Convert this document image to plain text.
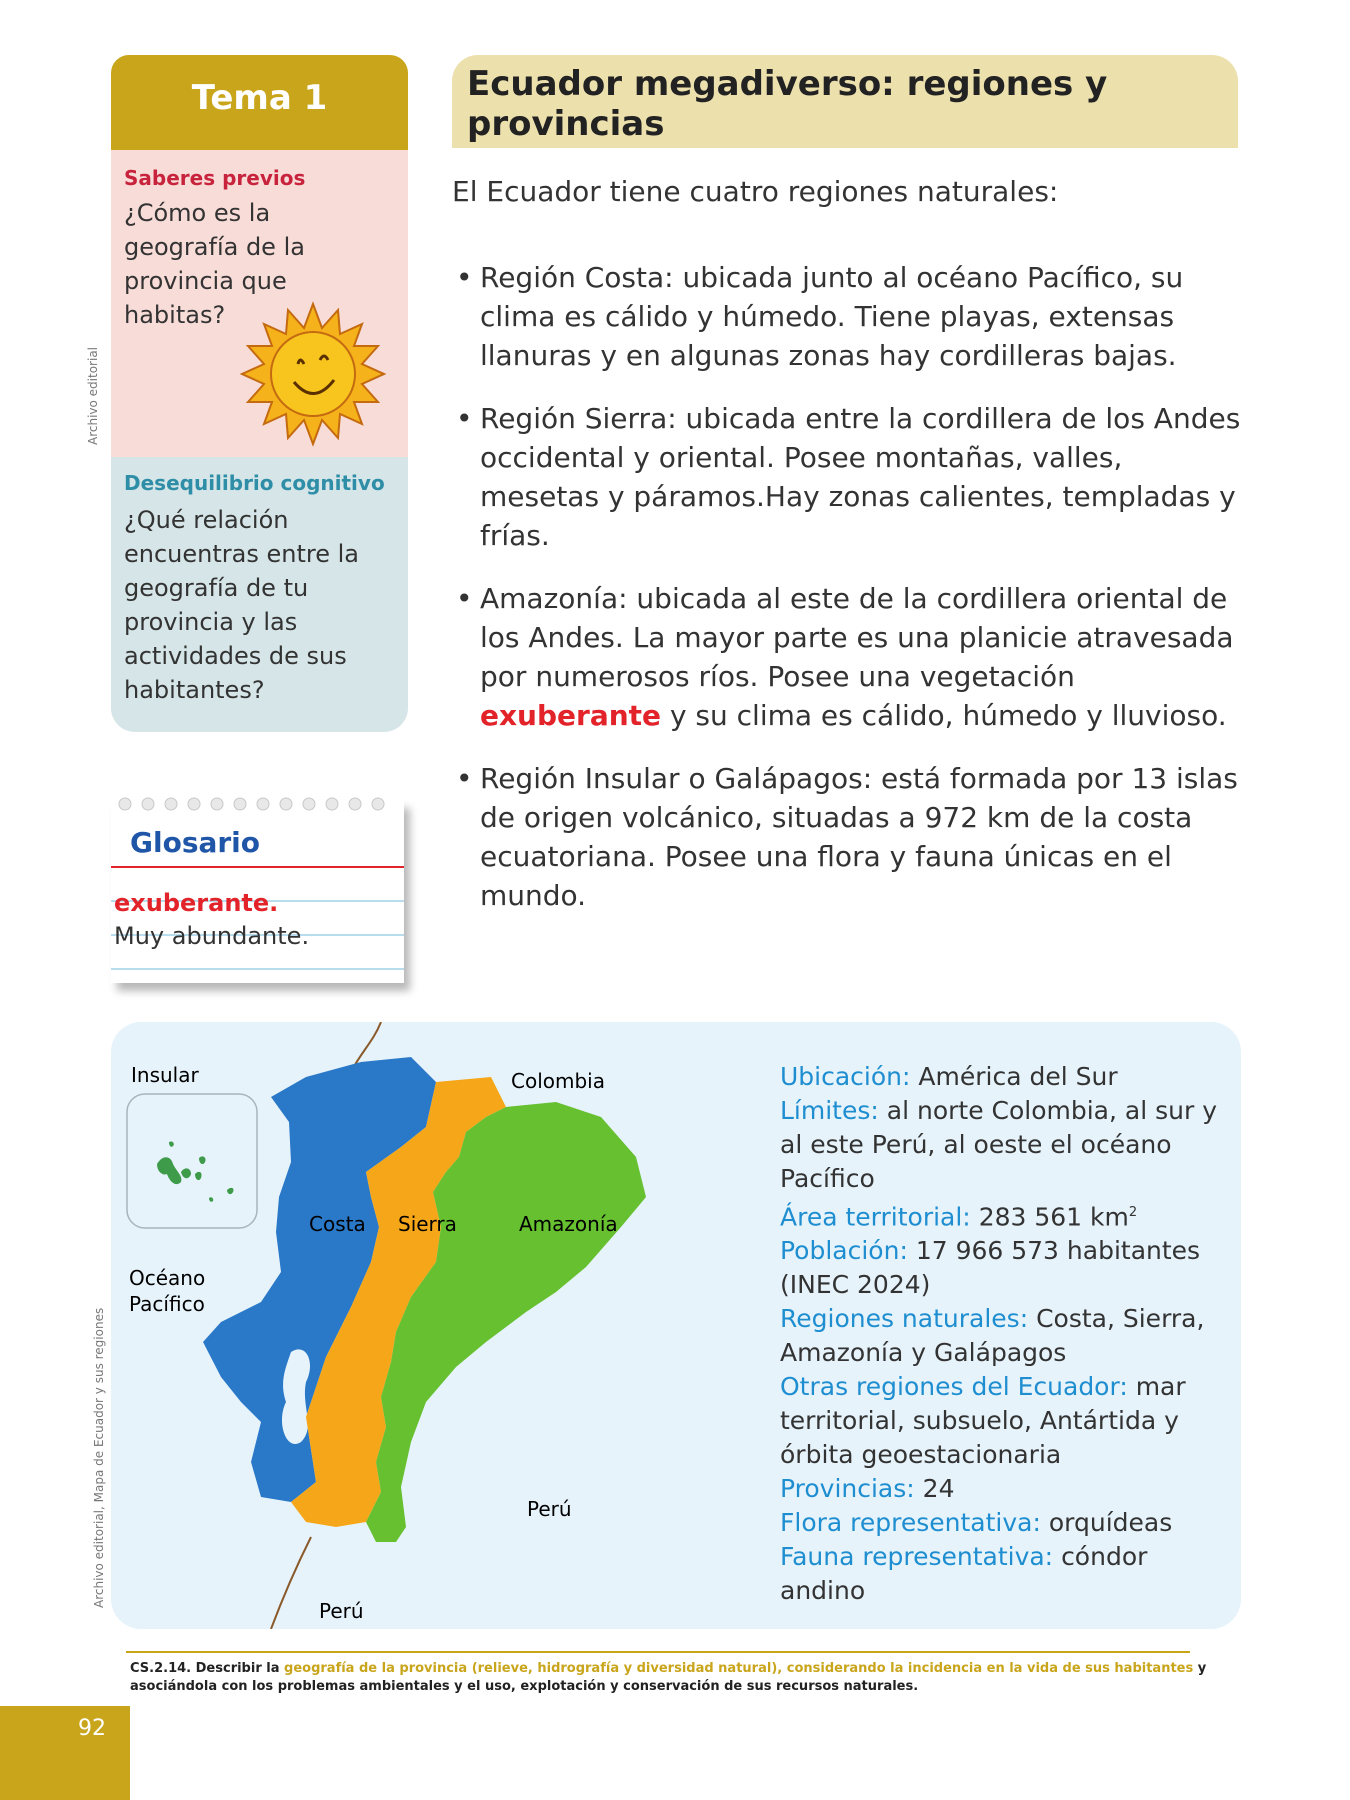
Tema 1
Saberes previos
¿Cómo es la geografía de la provincia que habitas?
Archivo editorial
Desequilibrio cognitivo
¿Qué relación encuentras entre la geografía de tu provincia y las actividades de sus habitantes?
Glosario
exuberante.
Muy abundante.
Ecuador megadiverso: regiones y provincias
El Ecuador tiene cuatro regiones naturales:
• Región Costa: ubicada junto al océano Pacífico, su clima es cálido y húmedo. Tiene playas, extensas llanuras y en algunas zonas hay cordilleras bajas.
• Región Sierra: ubicada entre la cordillera de los Andes occidental y oriental. Posee montañas, valles, mesetas y páramos.Hay zonas calientes, templadas y frías.
• Amazonía: ubicada al este de la cordillera oriental de los Andes. La mayor parte es una planicie atravesada por numerosos ríos. Posee una vegetación exuberante y su clima es cálido, húmedo y lluvioso.
• Región Insular o Galápagos: está formada por 13 islas de origen volcánico, situadas a 972 km de la costa ecuatoriana. Posee una flora y fauna únicas en el mundo.
Insular	Colombia
Costa Sierra	Amazonía
Océano
Pacífico
Perú
Perú
Archivo editorial, Mapa de Ecuador y sus regiones
Ubicación: América del Sur
Límites: al norte Colombia, al sur y al este Perú, al oeste el océano Pacífico
Área territorial: 283 561 $km^2$
Población: 17 966 573 habitantes (INEC 2024)
Regiones naturales: Costa, Sierra, Amazonía y Galápagos
Otras regiones del Ecuador: mar territorial, subsuelo, Antártida y órbita geoestacionaria
Provincias: 24
Flora representativa: orquídeas
Fauna representativa: cóndor andino
CS.2.14. Describir la geografía de la provincia (relieve, hidrografía y diversidad natural), considerando la incidencia en la vida de sus habitantes y asociándola con los problemas ambientales y el uso, explotación y conservación de sus recursos naturales.
92
